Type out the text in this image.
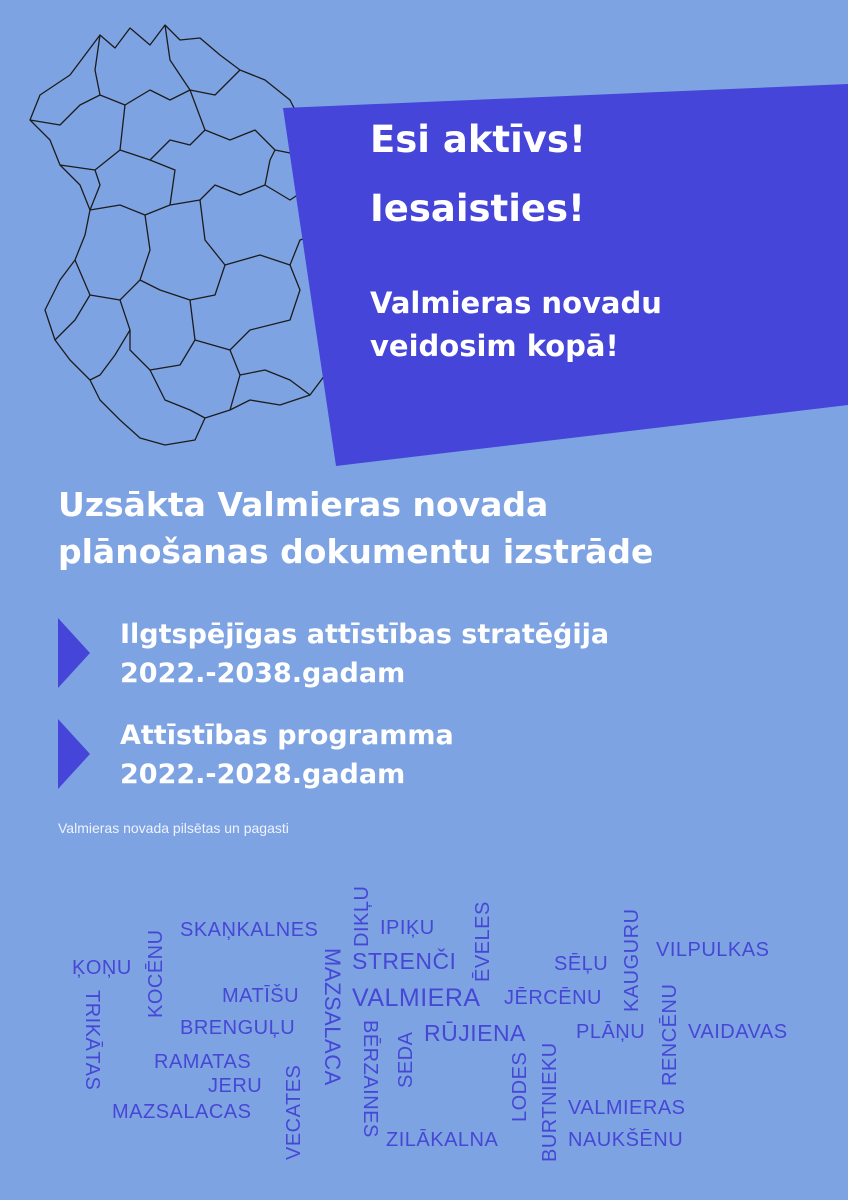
Esi aktīvs!
Iesaisties!
Valmieras novadu
veidosim kopā!
Uzsākta Valmieras novada
plānošanas dokumentu izstrāde
Ilgtspējīgas attīstības stratēģija
2022.-2038.gadam
Attīstības programma
2022.-2028.gadam
Valmieras novada pilsētas un pagasti
ĶOŅU
TRIKĀTAS
KOCĒNU SKAŅKALNES DIKĻU IPIĶU ĒVELES	KAUGURU VILPULKAS
STRENČI	SĒĻU
MATĪŠU MAZSALACA VALMIERA JĒRCĒNU	RENCĒNU
BRENGUĻU	BĒRZAINES SEDA RŪJIENA	PLĀŅU VAIDAVAS
RAMATAS
JERU VECATES	LODES BURTNIEKU
MAZSALACAS	VALMIERAS
ZILĀKALNA	NAUKŠĒNU
